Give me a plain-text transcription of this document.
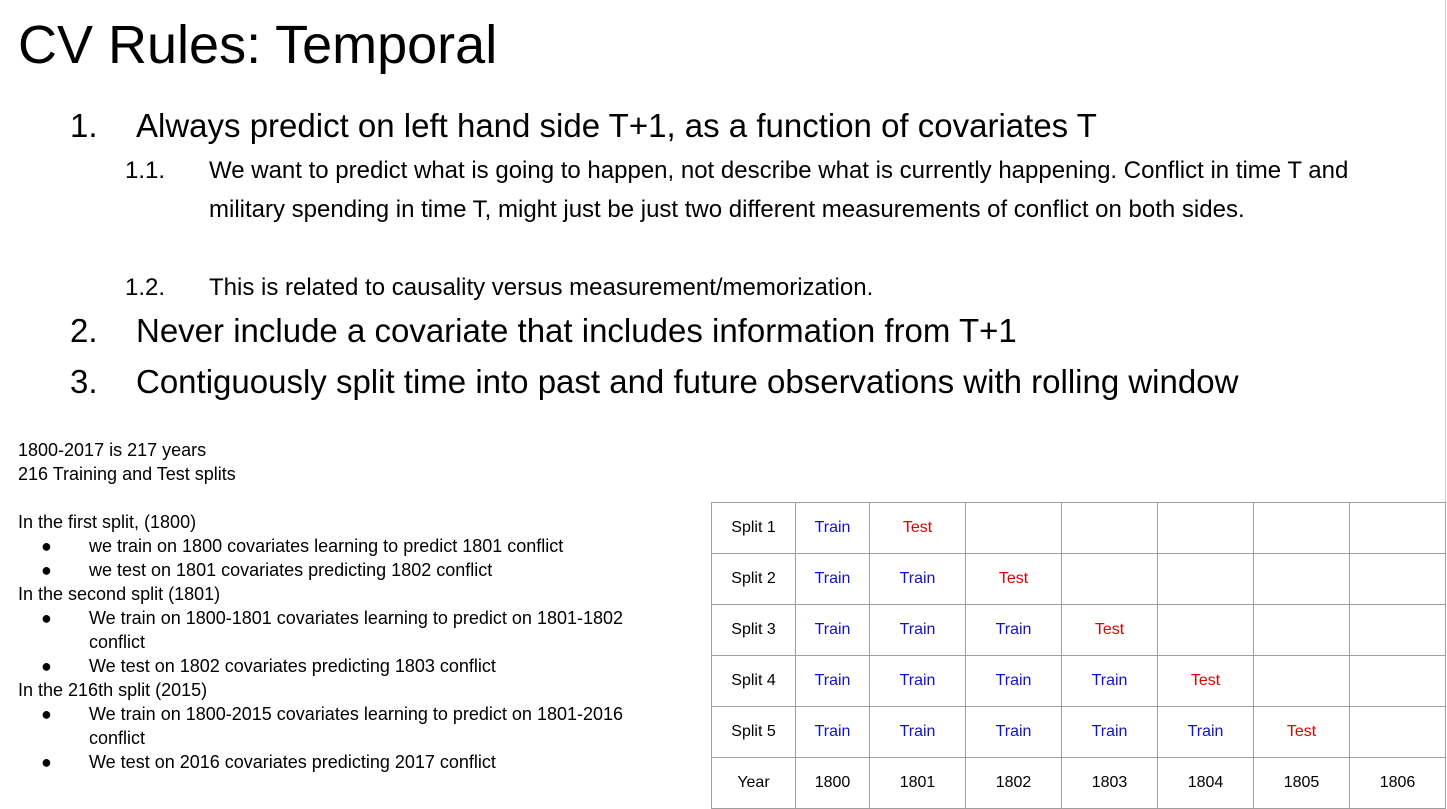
CV Rules: Temporal
1. Always predict on left hand side T+1, as a function of covariates T
1.1. We want to predict what is going to happen, not describe what is currently happening. Conflict in time T and military spending in time T, might just be just two different measurements of conflict on both sides.
1.2. This is related to causality versus measurement/memorization.
2. Never include a covariate that includes information from T+1
3. Contiguously split time into past and future observations with rolling window
1800-2017 is 217 years
216 Training and Test splits
In the first split, (1800)
● we train on 1800 covariates learning to predict 1801 conflict
● we test on 1801 covariates predicting 1802 conflict
In the second split (1801)
● We train on 1800-1801 covariates learning to predict on 1801-1802
conflict
● We test on 1802 covariates predicting 1803 conflict
In the 216th split (2015)
● We train on 1800-2015 covariates learning to predict on 1801-2016
conflict
● We test on 2016 covariates predicting 2017 conflict
Split 1	Train	Test					
Split 2	Train	Train	Test				
Split 3	Train	Train	Train	Test			
Split 4	Train	Train	Train	Train	Test		
Split 5	Train	Train	Train	Train	Train	Test	
Year	1800	1801	1802	1803	1804	1805	1806
